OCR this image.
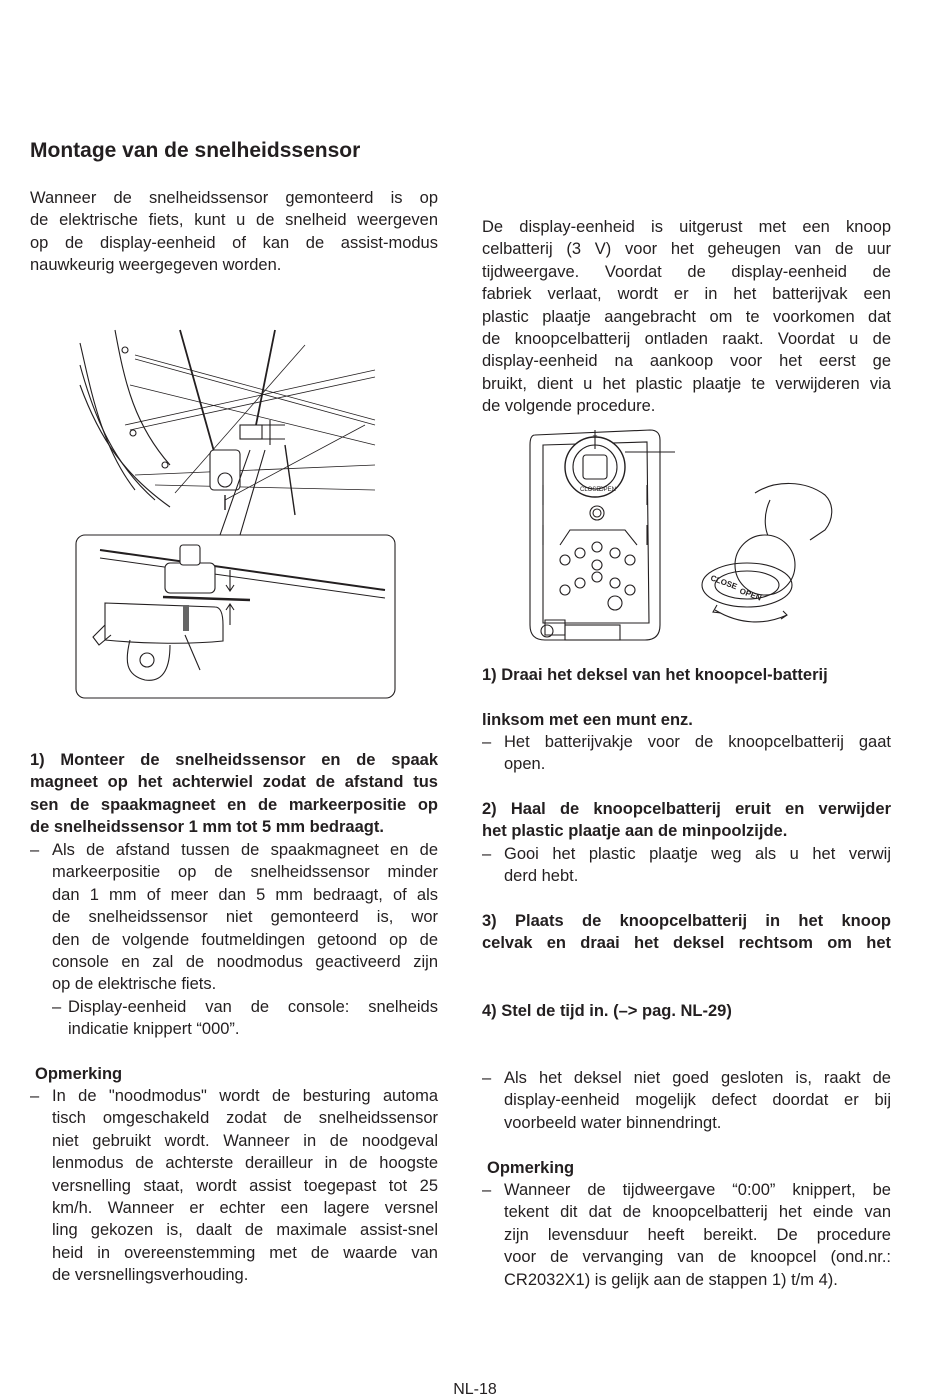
Montage van de snelheidssensor
Wanneer de snelheidssensor gemonteerd is op
de elektrische fiets, kunt u de snelheid weergeven
op de display-eenheid of kan de assist-modus
nauwkeurig weergegeven worden.
1) Monteer de snelheidssensor en de spaak
magneet op het achterwiel zodat de afstand tus
sen de spaakmagneet en de markeerpositie op
de snelheidssensor 1 mm tot 5 mm bedraagt.
– Als de afstand tussen de spaakmagneet en de
markeerpositie op de snelheidssensor minder
dan 1 mm of meer dan 5 mm bedraagt, of als
de snelheidssensor niet gemonteerd is, wor
den de volgende foutmeldingen getoond op de
console en zal de noodmodus geactiveerd zijn
op de elektrische fiets.
– Display-eenheid van de console: snelheids
indicatie knippert “000”.
Opmerking
– In de "noodmodus" wordt de besturing automa
tisch omgeschakeld zodat de snelheidssensor
niet gebruikt wordt. Wanneer in de noodgeval
lenmodus de achterste derailleur in de hoogste
versnelling staat, wordt assist toegepast tot 25
km/h. Wanneer er echter een lagere versnel
ling gekozen is, daalt de maximale assist-snel
heid in overeenstemming met de waarde van
de versnellingsverhouding.
De display-eenheid is uitgerust met een knoop
celbatterij (3 V) voor het geheugen van de uur
tijdweergave. Voordat de display-eenheid de
fabriek verlaat, wordt er in het batterijvak een
plastic plaatje aangebracht om te voorkomen dat
de knoopcelbatterij ontladen raakt. Voordat u de
display-eenheid na aankoop voor het eerst ge
bruikt, dient u het plastic plaatje te verwijderen via
de volgende procedure.
+
CLOSE
OPEN
CLOSE
OPEN
1) Draai het deksel van het knoopcel-batterij
linksom met een munt enz.
– Het batterijvakje voor de knoopcelbatterij gaat
open.
2) Haal de knoopcelbatterij eruit en verwijder
het plastic plaatje aan de minpoolzijde.
– Gooi het plastic plaatje weg als u het verwij
derd hebt.
3) Plaats de knoopcelbatterij in het knoop
celvak en draai het deksel rechtsom om het
4) Stel de tijd in. (–> pag. NL-29)
– Als het deksel niet goed gesloten is, raakt de
display-eenheid mogelijk defect doordat er bij
voorbeeld water binnendringt.
Opmerking
– Wanneer de tijdweergave “0:00” knippert, be
tekent dit dat de knoopcelbatterij het einde van
zijn levensduur heeft bereikt. De procedure
voor de vervanging van de knoopcel (ond.nr.:
CR2032X1) is gelijk aan de stappen 1) t/m 4).
NL-18
